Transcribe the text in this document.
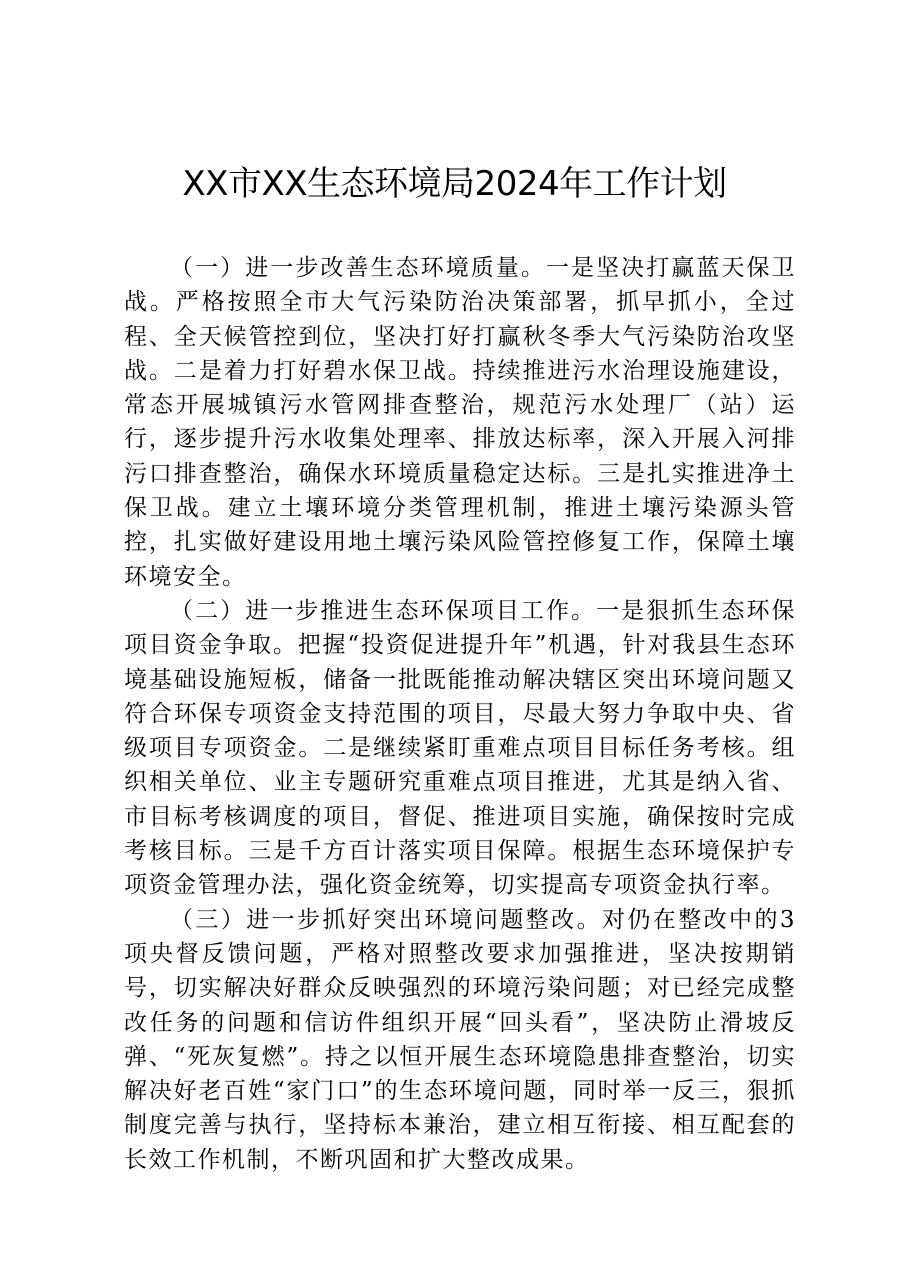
XX市XX生态环境局2024年工作计划

（一）进一步改善生态环境质量。一是坚决打赢蓝天保卫战。严格按照全市大气污染防治决策部署，抓早抓小，全过程、全天候管控到位，坚决打好打赢秋冬季大气污染防治攻坚战。二是着力打好碧水保卫战。持续推进污水治理设施建设，常态开展城镇污水管网排查整治，规范污水处理厂（站）运行，逐步提升污水收集处理率、排放达标率，深入开展入河排污口排查整治，确保水环境质量稳定达标。三是扎实推进净土保卫战。建立土壤环境分类管理机制，推进土壤污染源头管控，扎实做好建设用地土壤污染风险管控修复工作，保障土壤环境安全。

（二）进一步推进生态环保项目工作。一是狠抓生态环保项目资金争取。把握“投资促进提升年”机遇，针对我县生态环境基础设施短板，储备一批既能推动解决辖区突出环境问题又符合环保专项资金支持范围的项目，尽最大努力争取中央、省级项目专项资金。二是继续紧盯重难点项目目标任务考核。组织相关单位、业主专题研究重难点项目推进，尤其是纳入省、市目标考核调度的项目，督促、推进项目实施，确保按时完成考核目标。三是千方百计落实项目保障。根据生态环境保护专项资金管理办法，强化资金统筹，切实提高专项资金执行率。

（三）进一步抓好突出环境问题整改。对仍在整改中的3项央督反馈问题，严格对照整改要求加强推进，坚决按期销号，切实解决好群众反映强烈的环境污染问题；对已经完成整改任务的问题和信访件组织开展“回头看”，坚决防止滑坡反弹、“死灰复燃”。持之以恒开展生态环境隐患排查整治，切实解决好老百姓“家门口”的生态环境问题，同时举一反三，狠抓制度完善与执行，坚持标本兼治，建立相互衔接、相互配套的长效工作机制，不断巩固和扩大整改成果。
